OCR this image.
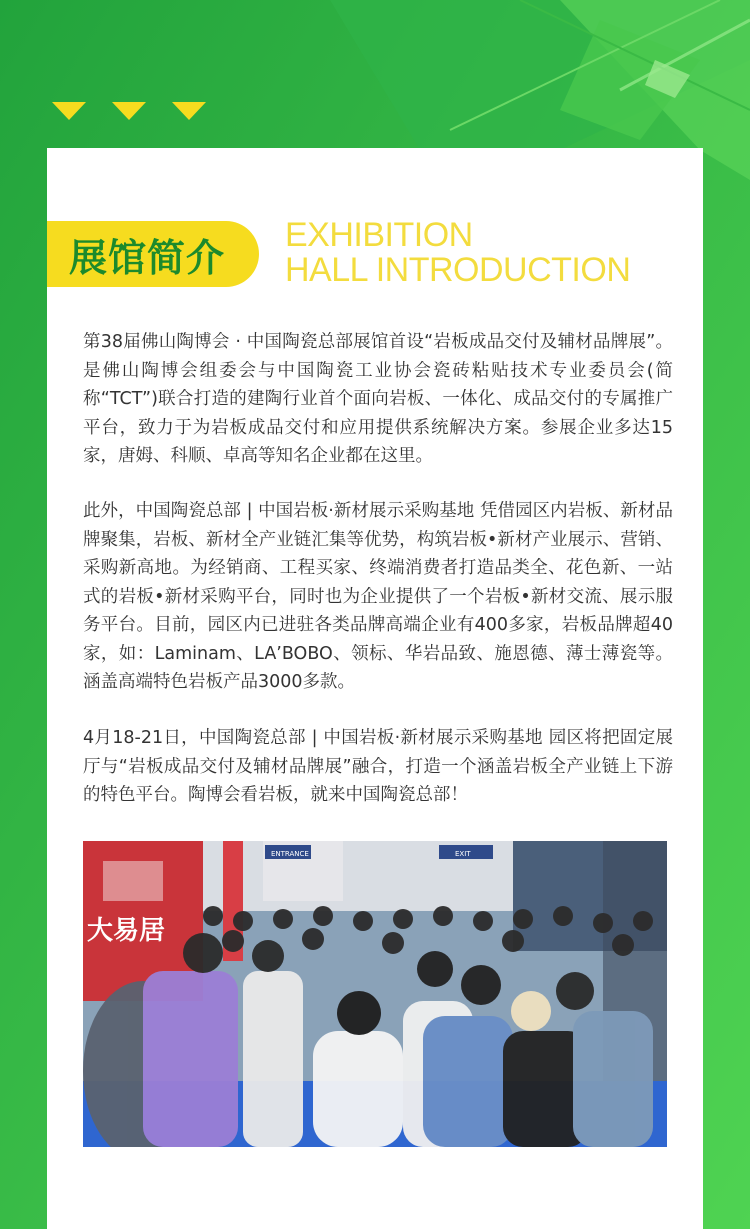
展馆简介
EXHIBITION
HALL INTRODUCTION
第38届佛山陶博会 · 中国陶瓷总部展馆首设“岩板成品交付及辅材品牌展”。是佛山陶博会组委会与中国陶瓷工业协会瓷砖粘贴技术专业委员会(简称“TCT”)联合打造的建陶行业首个面向岩板、一体化、成品交付的专属推广平台，致力于为岩板成品交付和应用提供系统解决方案。参展企业多达15家，唐姆、科顺、卓高等知名企业都在这里。
此外，中国陶瓷总部 | 中国岩板·新材展示采购基地 凭借园区内岩板、新材品牌聚集，岩板、新材全产业链汇集等优势，构筑岩板•新材产业展示、营销、采购新高地。为经销商、工程买家、终端消费者打造品类全、花色新、一站式的岩板•新材采购平台，同时也为企业提供了一个岩板•新材交流、展示服务平台。目前，园区内已进驻各类品牌高端企业有400多家，岩板品牌超40家，如：Laminam、LA’BOBO、领标、华岩品致、施恩德、薄士薄瓷等。涵盖高端特色岩板产品3000多款。
4月18-21日，中国陶瓷总部 | 中国岩板·新材展示采购基地 园区将把固定展厅与“岩板成品交付及辅材品牌展”融合，打造一个涵盖岩板全产业链上下游的特色平台。陶博会看岩板，就来中国陶瓷总部！
ENTRANCE	EXIT
大易居
